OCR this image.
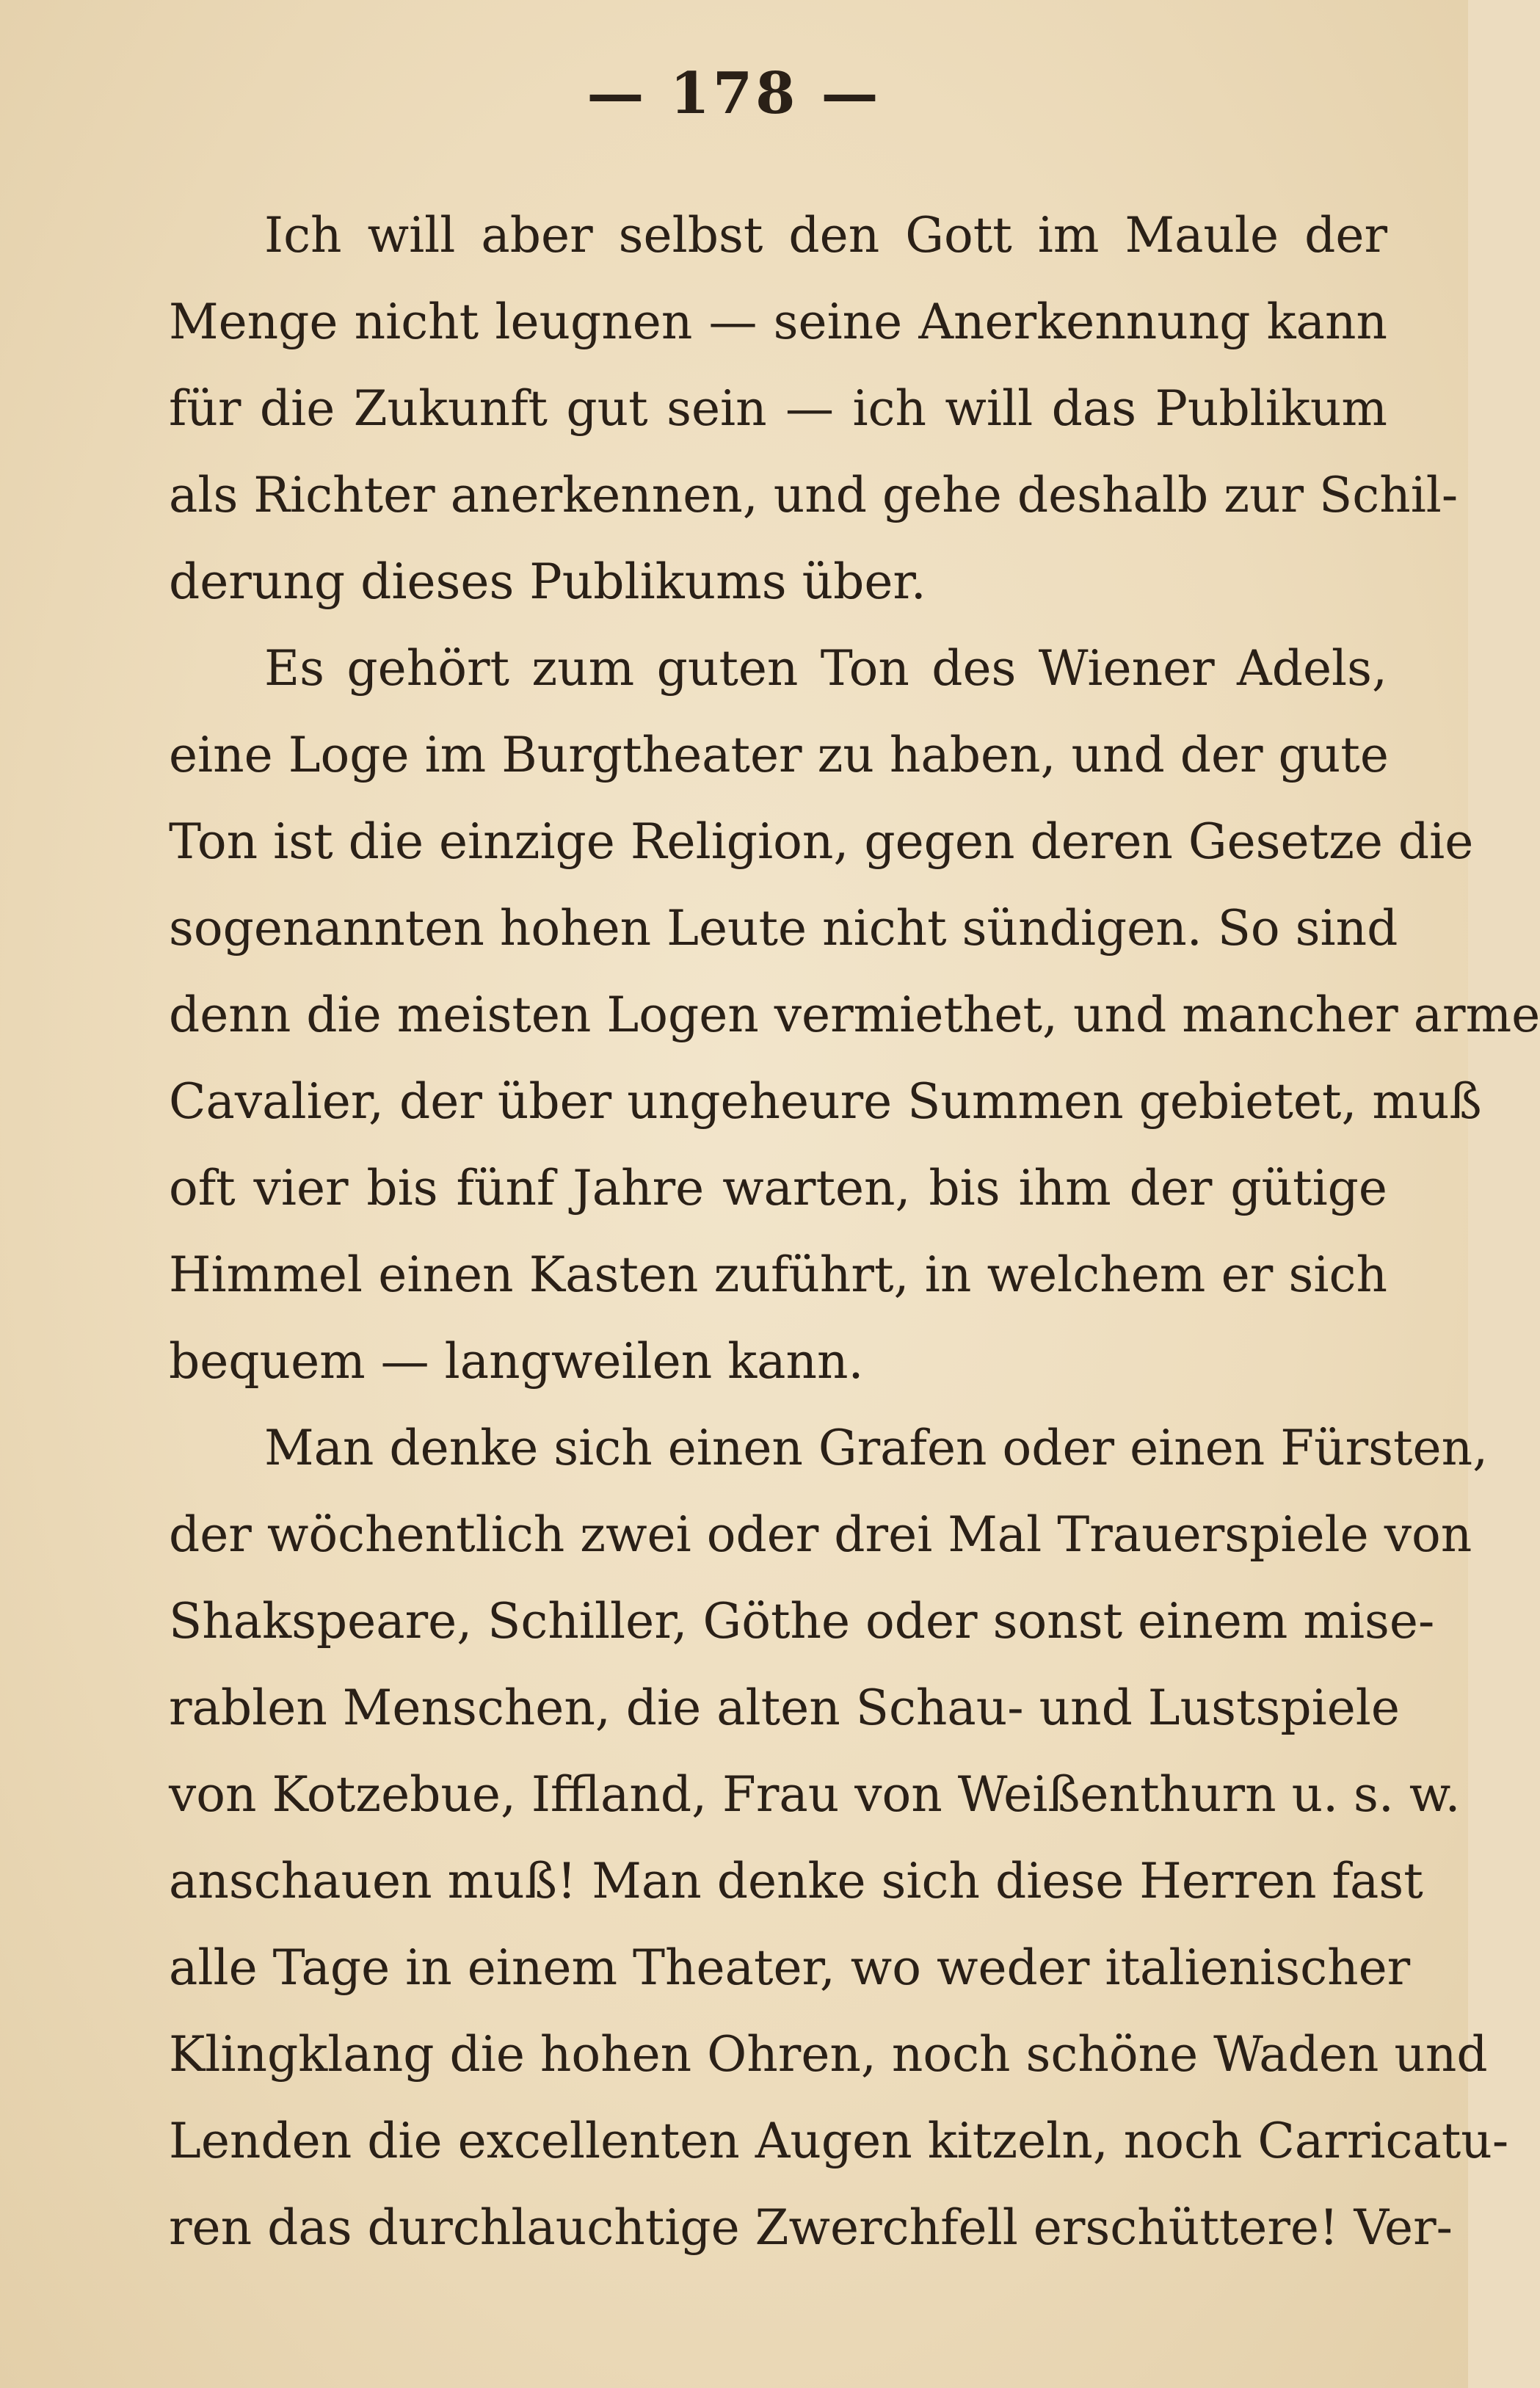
— 178 —
Ich will aber selbst den Gott im Maule der
Menge nicht leugnen — seine Anerkennung kann
für die Zukunft gut sein — ich will das Publikum
als Richter anerkennen, und gehe deshalb zur Schil-
derung dieses Publikums über.
Es gehört zum guten Ton des Wiener Adels,
eine Loge im Burgtheater zu haben, und der gute
Ton ist die einzige Religion, gegen deren Gesetze die
sogenannten hohen Leute nicht sündigen. So sind
denn die meisten Logen vermiethet, und mancher arme
Cavalier, der über ungeheure Summen gebietet, muß
oft vier bis fünf Jahre warten, bis ihm der gütige
Himmel einen Kasten zuführt, in welchem er sich
bequem — langweilen kann.
Man denke sich einen Grafen oder einen Fürsten,
der wöchentlich zwei oder drei Mal Trauerspiele von
Shakspeare, Schiller, Göthe oder sonst einem mise-
rablen Menschen, die alten Schau- und Lustspiele
von Kotzebue, Iffland, Frau von Weißenthurn u. s. w.
anschauen muß! Man denke sich diese Herren fast
alle Tage in einem Theater, wo weder italienischer
Klingklang die hohen Ohren, noch schöne Waden und
Lenden die excellenten Augen kitzeln, noch Carricatu-
ren das durchlauchtige Zwerchfell erschüttere! Ver-
